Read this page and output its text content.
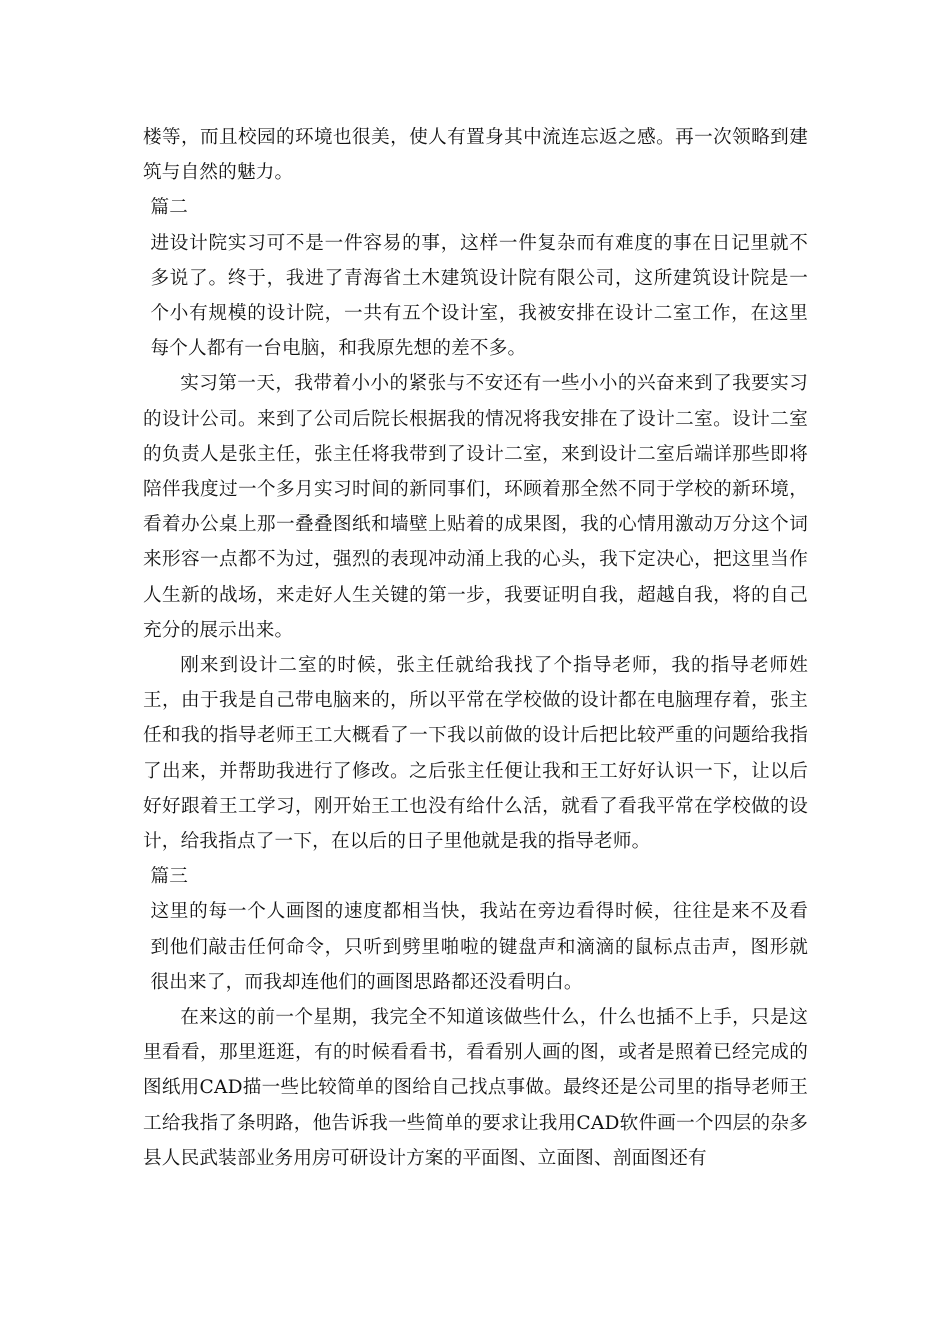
楼等，而且校园的环境也很美，使人有置身其中流连忘返之感。再一次领略到建筑与自然的魅力。

篇二

进设计院实习可不是一件容易的事，这样一件复杂而有难度的事在日记里就不多说了。终于，我进了青海省土木建筑设计院有限公司，这所建筑设计院是一个小有规模的设计院，一共有五个设计室，我被安排在设计二室工作，在这里每个人都有一台电脑，和我原先想的差不多。

实习第一天，我带着小小的紧张与不安还有一些小小的兴奋来到了我要实习的设计公司。来到了公司后院长根据我的情况将我安排在了设计二室。设计二室的负责人是张主任，张主任将我带到了设计二室，来到设计二室后端详那些即将陪伴我度过一个多月实习时间的新同事们，环顾着那全然不同于学校的新环境，看着办公桌上那一叠叠图纸和墙壁上贴着的成果图，我的心情用激动万分这个词来形容一点都不为过，强烈的表现冲动涌上我的心头，我下定决心，把这里当作人生新的战场，来走好人生关键的第一步，我要证明自我，超越自我，将的自己充分的展示出来。

刚来到设计二室的时候，张主任就给我找了个指导老师，我的指导老师姓王，由于我是自己带电脑来的，所以平常在学校做的设计都在电脑理存着，张主任和我的指导老师王工大概看了一下我以前做的设计后把比较严重的问题给我指了出来，并帮助我进行了修改。之后张主任便让我和王工好好认识一下，让以后好好跟着王工学习，刚开始王工也没有给什么活，就看了看我平常在学校做的设计，给我指点了一下，在以后的日子里他就是我的指导老师。

篇三

这里的每一个人画图的速度都相当快，我站在旁边看得时候，往往是来不及看到他们敲击任何命令，只听到劈里啪啦的键盘声和滴滴的鼠标点击声，图形就很出来了，而我却连他们的画图思路都还没看明白。

在来这的前一个星期，我完全不知道该做些什么，什么也插不上手，只是这里看看，那里逛逛，有的时候看看书，看看别人画的图，或者是照着已经完成的图纸用CAD描一些比较简单的图给自己找点事做。最终还是公司里的指导老师王工给我指了条明路，他告诉我一些简单的要求让我用CAD软件画一个四层的杂多县人民武装部业务用房可研设计方案的平面图、立面图、剖面图还有
